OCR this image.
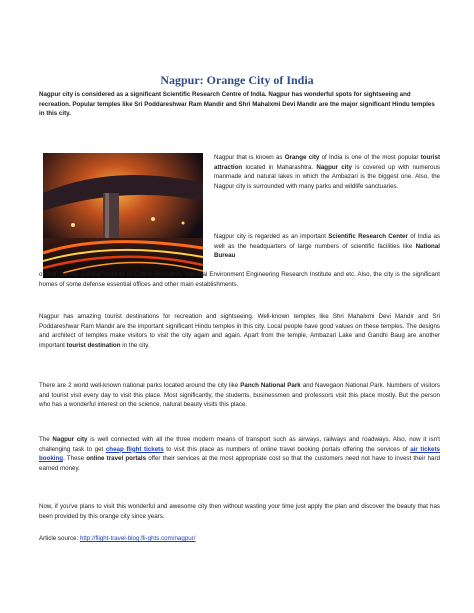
Nagpur: Orange City of India
Nagpur city is considered as a significant Scientific Research Centre of India. Nagpur has wonderful spots for sightseeing and recreation. Popular temples like Sri Poddareshwar Ram Mandir and Shri Mahalxmi Devi Mandir are the major significant Hindu temples in this city.
Nagpur that is known as Orange city of India is one of the most popular tourist attraction located in Maharashtra. Nagpur city is covered up with numerous manmade and natural lakes in which the Ambazari is the biggest one. Also, the Nagpur city is surrounded with many parks and wildlife sanctuaries.
Nagpur city is regarded as an important Scientific Research Center of India as well as the headquarters of large numbers of scientific facilities like National Bureau
of Soil Survey, Central Institute of Cotton Research, National Environment Engineering Research Institute and etc. Also, the city is the significant homes of some defense essential offices and other main establishments.
Nagpur has amazing tourist destinations for recreation and sightseeing. Well-known temples like Shri Mahalxmi Devi Mandir and Sri Poddareshwar Ram Mandir are the important significant Hindu temples in this city. Local people have good values on these temples. The designs and architect of temples make visitors to visit the city again and again. Apart from the temple, Ambazari Lake and Gandhi Baug are another important tourist destination in the city.
There are 2 world well-known national parks located around the city like Panch National Park and Navegaon National Park. Numbers of visitors and tourist visit every day to visit this place. Most significantly, the students, businessmen and professors visit this place mostly. But the person who has a wonderful interest on the science, natural beauty visits this place.
The Nagpur city is well connected with all the three modern means of transport such as airways, railways and roadways. Also, now it isn't challenging task to get cheap flight tickets to visit this place as numbers of online travel booking portals offering the services of air tickets booking. These online travel portals offer their services at the most appropriate cost so that the customers need not have to invest their hard earned money.
Now, if you've plans to visit this wonderful and awesome city then without wasting your time just apply the plan and discover the beauty that has been provided by this orange city since years.
Article source: http://flight-travel-blog.fli-ghts.com/nagpur/
